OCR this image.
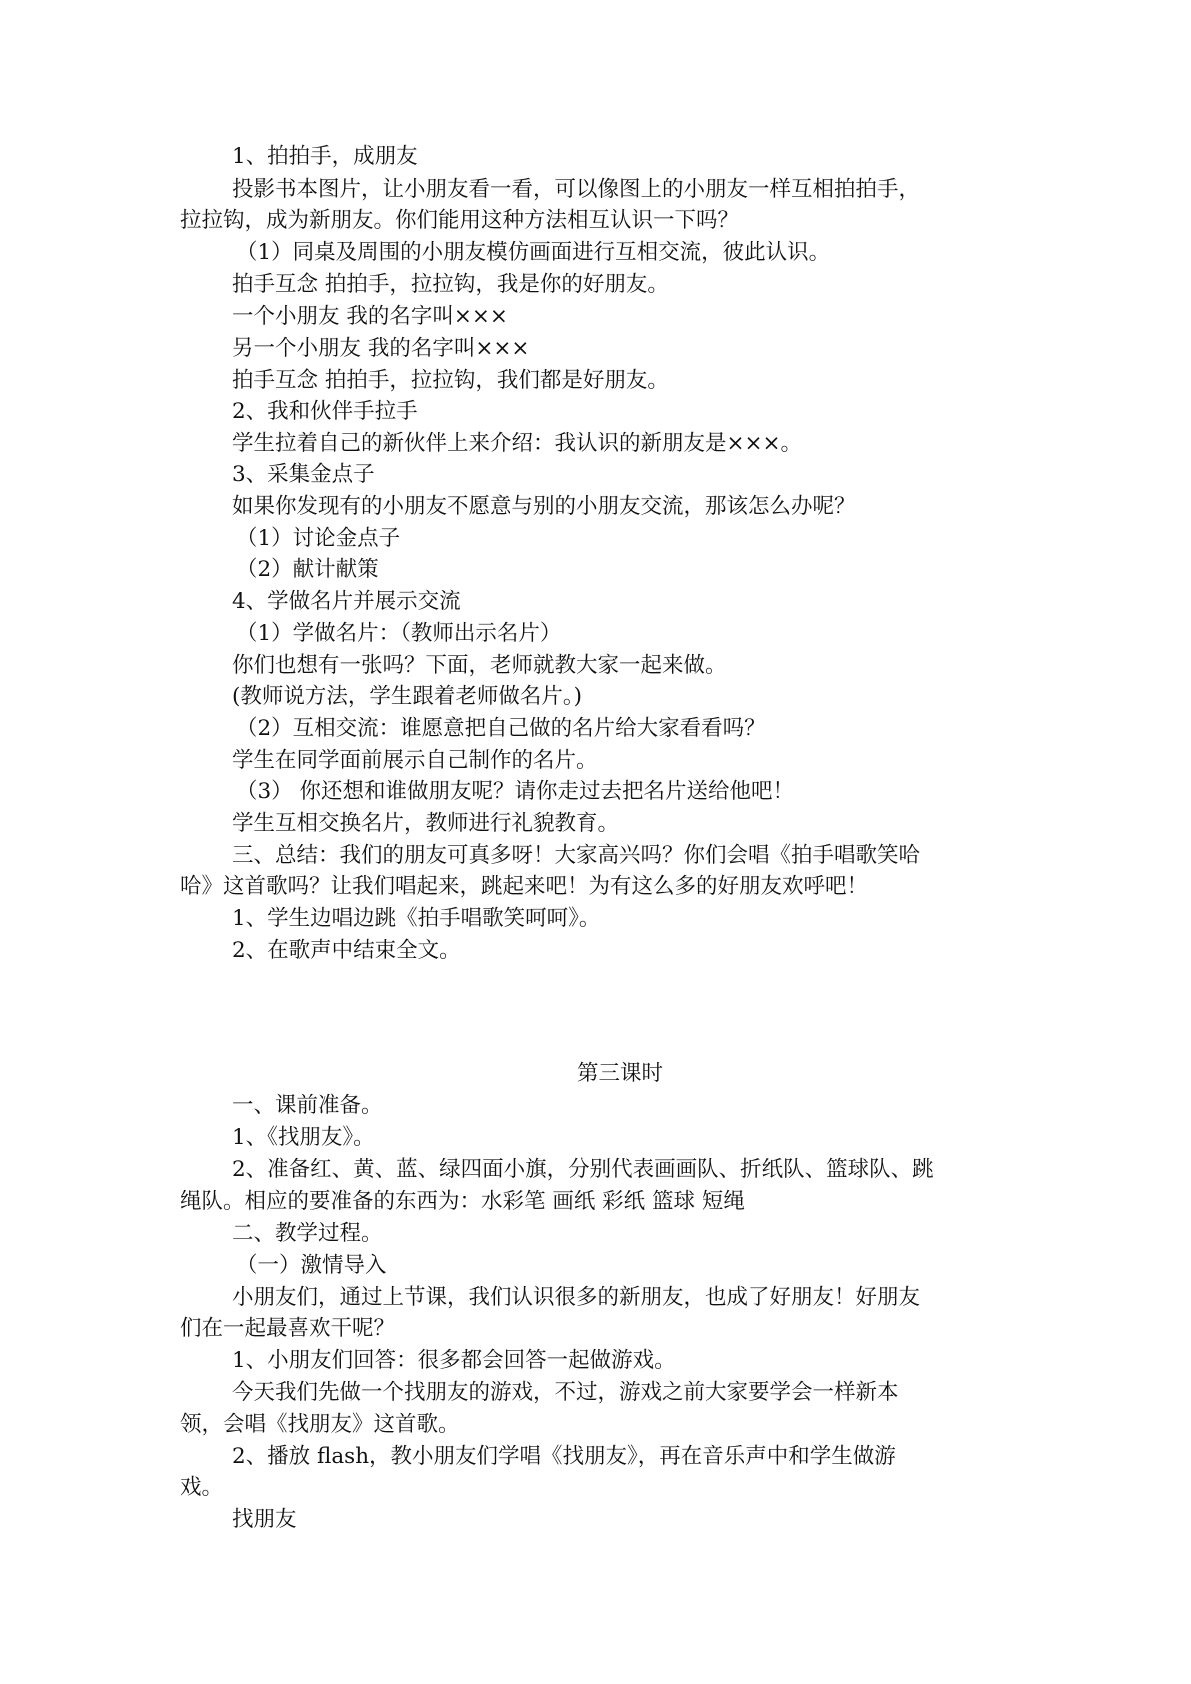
1、拍拍手，成朋友
投影书本图片，让小朋友看一看，可以像图上的小朋友一样互相拍拍手，
拉拉钩，成为新朋友。你们能用这种方法相互认识一下吗？
（1）同桌及周围的小朋友模仿画面进行互相交流，彼此认识。
拍手互念 拍拍手，拉拉钩，我是你的好朋友。
一个小朋友 我的名字叫×××
另一个小朋友 我的名字叫×××
拍手互念 拍拍手，拉拉钩，我们都是好朋友。
2、我和伙伴手拉手
学生拉着自己的新伙伴上来介绍：我认识的新朋友是×××。
3、采集金点子
如果你发现有的小朋友不愿意与别的小朋友交流，那该怎么办呢？
（1）讨论金点子
（2）献计献策
4、学做名片并展示交流
（1）学做名片：（教师出示名片）
你们也想有一张吗？下面，老师就教大家一起来做。
(教师说方法，学生跟着老师做名片。)
（2）互相交流：谁愿意把自己做的名片给大家看看吗？
学生在同学面前展示自己制作的名片。
（3） 你还想和谁做朋友呢？请你走过去把名片送给他吧！
学生互相交换名片，教师进行礼貌教育。
三、总结：我们的朋友可真多呀！大家高兴吗？你们会唱《拍手唱歌笑哈
哈》这首歌吗？让我们唱起来，跳起来吧！为有这么多的好朋友欢呼吧！
1、学生边唱边跳《拍手唱歌笑呵呵》。
2、在歌声中结束全文。
第三课时
一、课前准备。
1、《找朋友》。
2、准备红、黄、蓝、绿四面小旗，分别代表画画队、折纸队、篮球队、跳
绳队。相应的要准备的东西为：水彩笔 画纸 彩纸 篮球 短绳
二、教学过程。
（一）激情导入
小朋友们，通过上节课，我们认识很多的新朋友，也成了好朋友！好朋友
们在一起最喜欢干呢？
1、小朋友们回答：很多都会回答一起做游戏。
今天我们先做一个找朋友的游戏，不过，游戏之前大家要学会一样新本
领，会唱《找朋友》这首歌。
2、播放 flash，教小朋友们学唱《找朋友》，再在音乐声中和学生做游
戏。
找朋友
